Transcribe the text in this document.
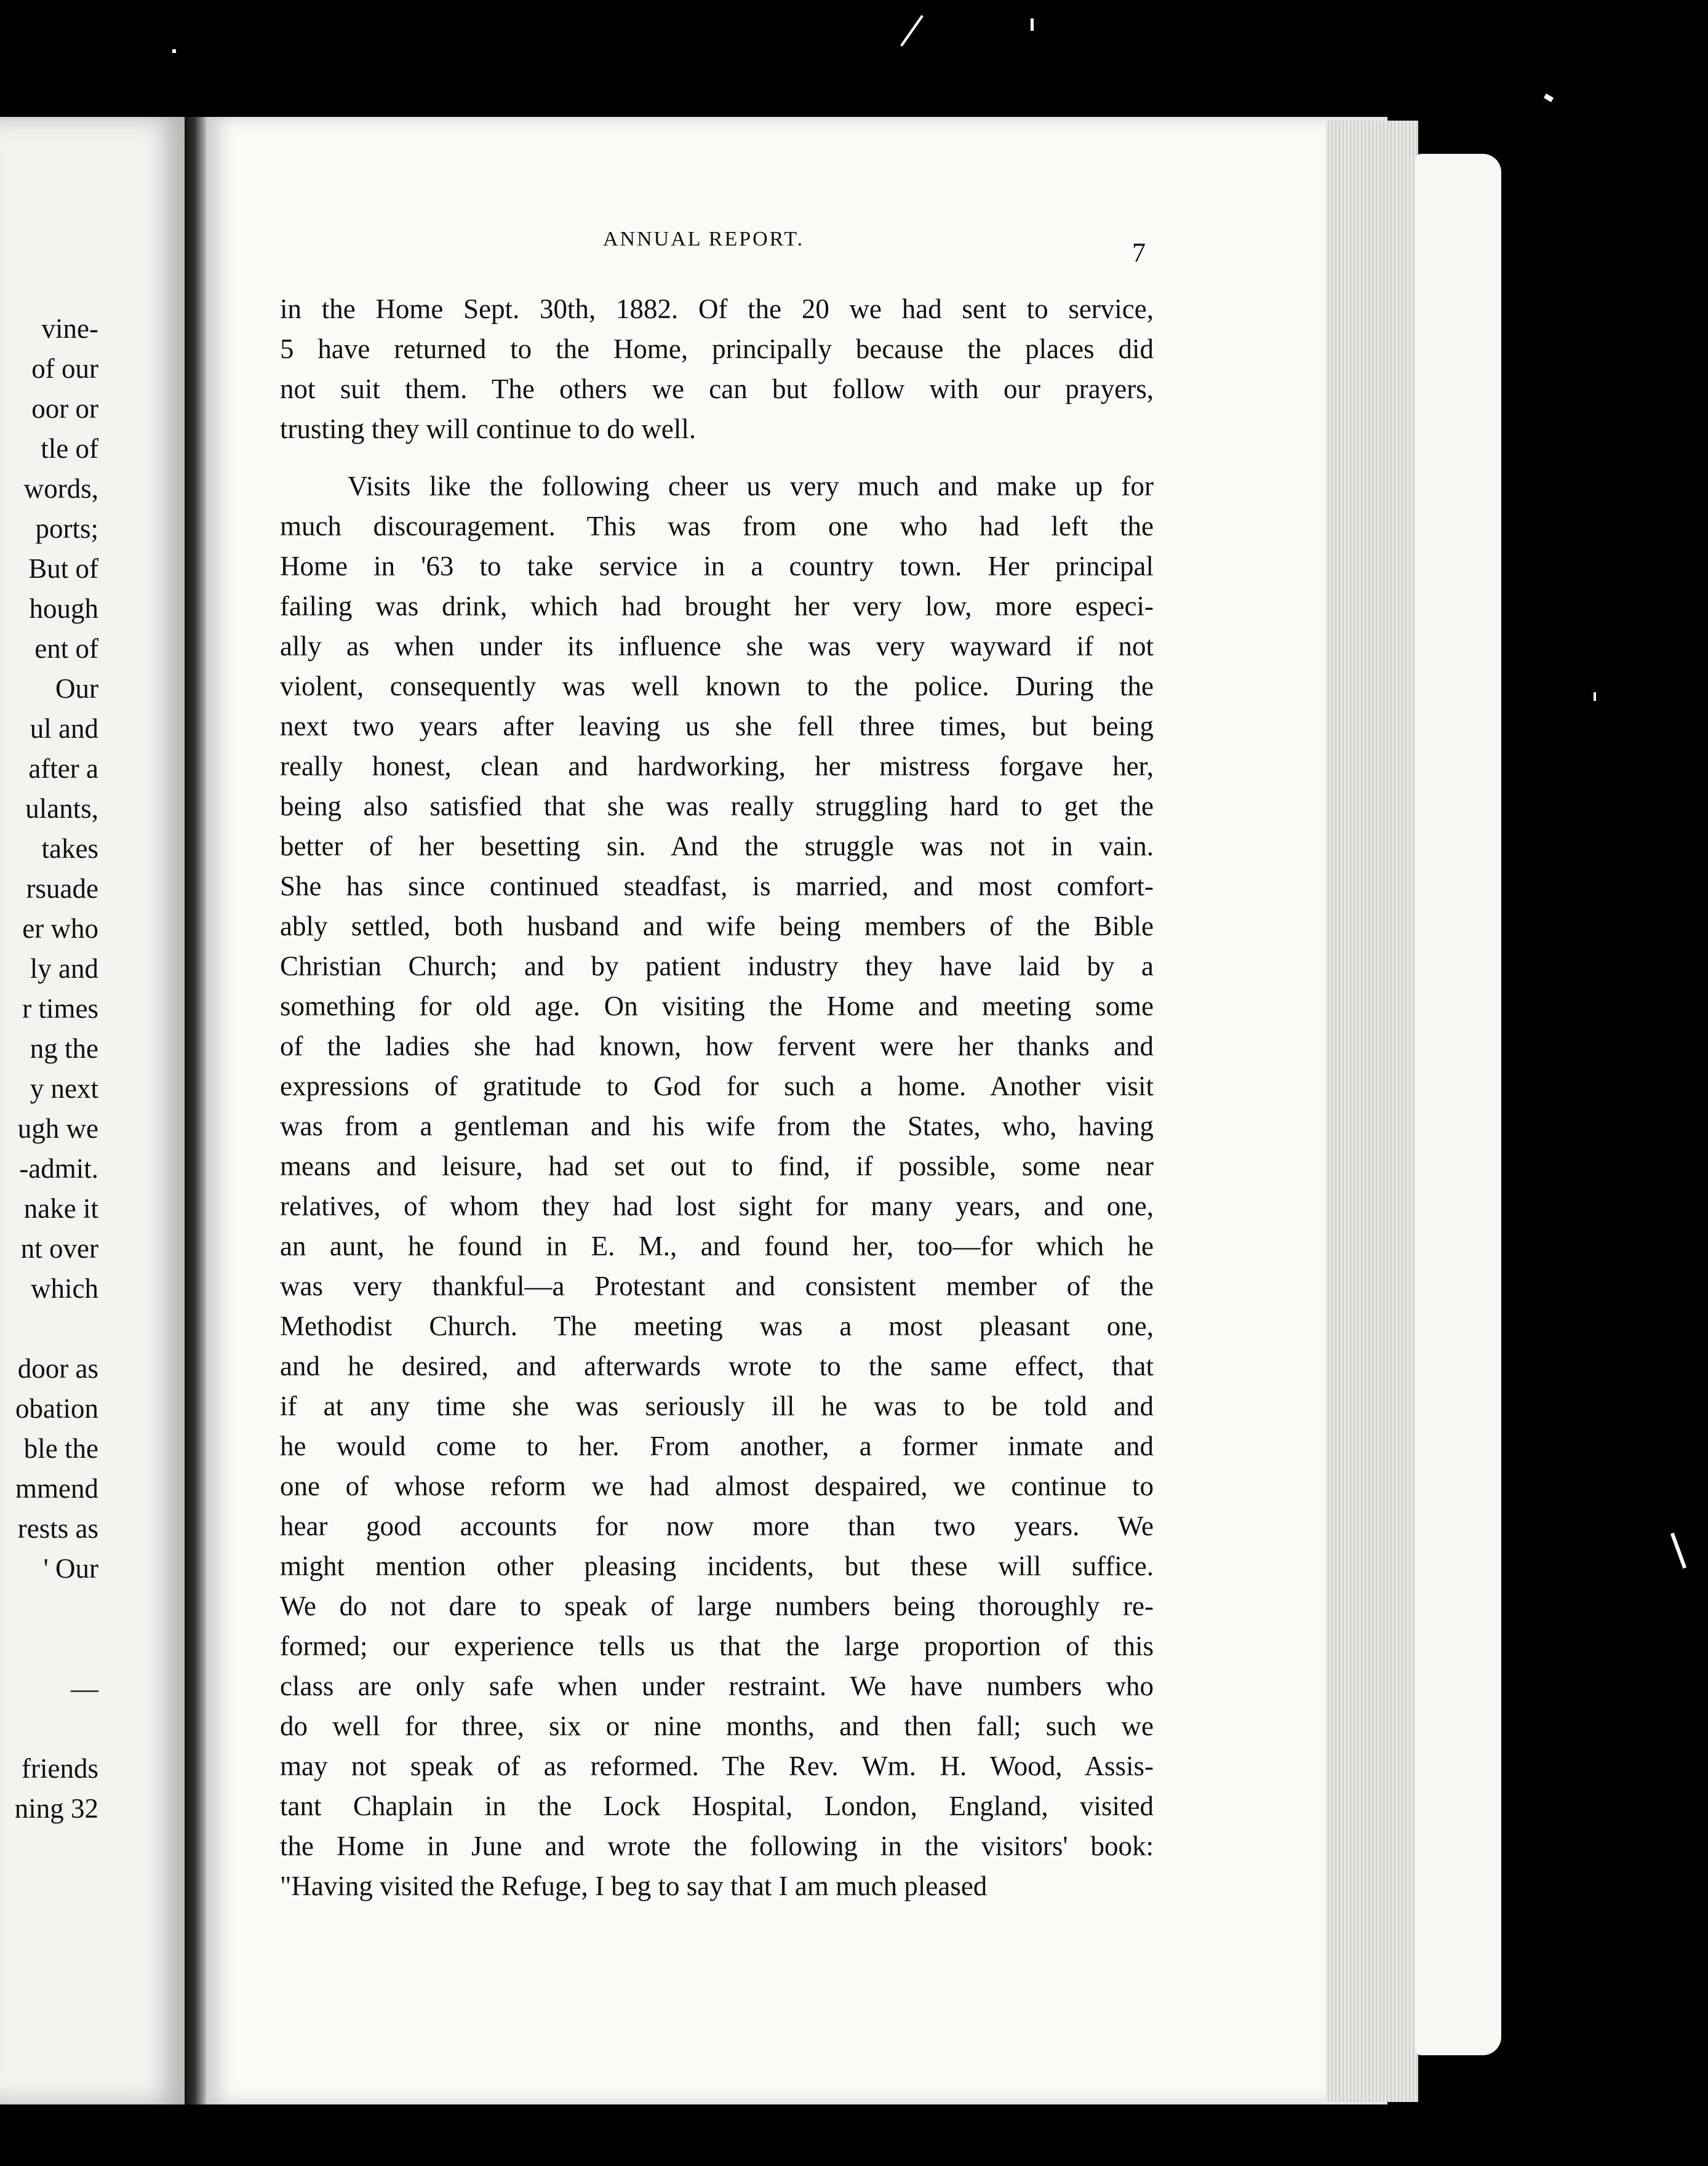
vine-
of our
oor or
tle of
words,
ports;
But of
hough
ent of
Our
ul and
after a
ulants,
takes
rsuade
er who
ly and
r times
ng the
y next
ugh we
-admit.
nake it
nt over
which
door as
obation
ble the
mmend
rests as
' Our
—
friends
ning 32
ANNUAL REPORT.	7
in the Home Sept. 30th, 1882. Of the 20 we had sent to service,
5 have returned to the Home, principally because the places did
not suit them. The others we can but follow with our prayers,
trusting they will continue to do well.
Visits like the following cheer us very much and make up for
much discouragement. This was from one who had left the
Home in '63 to take service in a country town. Her principal
failing was drink, which had brought her very low, more especi-
ally as when under its influence she was very wayward if not
violent, consequently was well known to the police. During the
next two years after leaving us she fell three times, but being
really honest, clean and hardworking, her mistress forgave her,
being also satisfied that she was really struggling hard to get the
better of her besetting sin. And the struggle was not in vain.
She has since continued steadfast, is married, and most comfort-
ably settled, both husband and wife being members of the Bible
Christian Church; and by patient industry they have laid by a
something for old age. On visiting the Home and meeting some
of the ladies she had known, how fervent were her thanks and
expressions of gratitude to God for such a home. Another visit
was from a gentleman and his wife from the States, who, having
means and leisure, had set out to find, if possible, some near
relatives, of whom they had lost sight for many years, and one,
an aunt, he found in E. M., and found her, too—for which he
was very thankful—a Protestant and consistent member of the
Methodist Church. The meeting was a most pleasant one,
and he desired, and afterwards wrote to the same effect, that
if at any time she was seriously ill he was to be told and
he would come to her. From another, a former inmate and
one of whose reform we had almost despaired, we continue to
hear good accounts for now more than two years. We
might mention other pleasing incidents, but these will suffice.
We do not dare to speak of large numbers being thoroughly re-
formed; our experience tells us that the large proportion of this
class are only safe when under restraint. We have numbers who
do well for three, six or nine months, and then fall; such we
may not speak of as reformed. The Rev. Wm. H. Wood, Assis-
tant Chaplain in the Lock Hospital, London, England, visited
the Home in June and wrote the following in the visitors' book:
"Having visited the Refuge, I beg to say that I am much pleased
